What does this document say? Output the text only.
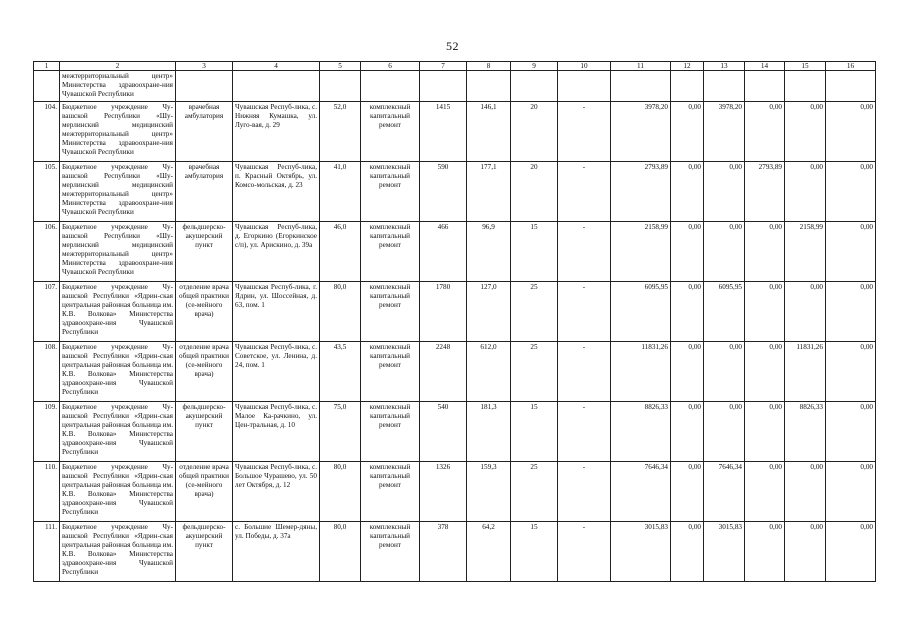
52
1	2	3	4	5	6	7	8	9	10	11	12	13	14	15	16
	межтерриториальный центр» Министерства здравоохране-ния Чувашской Республики														
104.	Бюджетное учреждение Чу-вашской Республики «Шу-мерлинский медицинский межтерриториальный центр» Министерства здравоохране-ния Чувашской Республики	врачебная амбулатория	Чувашская Респуб-лика, с. Нижняя Кумашка, ул. Луго-вая, д. 29	52,0	комплексный капитальный ремонт	1415	146,1	20	-	3978,20	0,00	3978,20	0,00	0,00	0,00
105.	Бюджетное учреждение Чу-вашской Республики «Шу-мерлинский медицинский межтерриториальный центр» Министерства здравоохране-ния Чувашской Республики	врачебная амбулатория	Чувашская Респуб-лика, п. Красный Октябрь, ул. Комсо-мольская, д. 23	41,0	комплексный капитальный ремонт	590	177,1	20	-	2793,89	0,00	0,00	2793,89	0,00	0,00
106.	Бюджетное учреждение Чу-вашской Республики «Шу-мерлинский медицинский межтерриториальный центр» Министерства здравоохране-ния Чувашской Республики	фельдшерско-акушерский пункт	Чувашская Респуб-лика, д. Егоркино (Егоркинское с/п), ул. Арискино, д. 39а	46,0	комплексный капитальный ремонт	466	96,9	15	-	2158,99	0,00	0,00	0,00	2158,99	0,00
107.	Бюджетное учреждение Чу-вашской Республики «Ядрин-ская центральная районная больница им. К.В. Волкова» Министерства здравоохране-ния Чувашской Республики	отделение врача общей практики (се-мейного врача)	Чувашская Респуб-лика, г. Ядрин, ул. Шоссейная, д. 63, пом. 1	80,0	комплексный капитальный ремонт	1780	127,0	25	-	6095,95	0,00	6095,95	0,00	0,00	0,00
108.	Бюджетное учреждение Чу-вашской Республики «Ядрин-ская центральная районная больница им. К.В. Волкова» Министерства здравоохране-ния Чувашской Республики	отделение врача общей практики (се-мейного врача)	Чувашская Респуб-лика, с. Советское, ул. Ленина, д. 24, пом. 1	43,5	комплексный капитальный ремонт	2248	612,0	25	-	11831,26	0,00	0,00	0,00	11831,26	0,00
109.	Бюджетное учреждение Чу-вашской Республики «Ядрин-ская центральная районная больница им. К.В. Волкова» Министерства здравоохране-ния Чувашской Республики	фельдшерско-акушерский пункт	Чувашская Респуб-лика, с. Малое Ка-рачкино, ул. Цен-тральная, д. 10	75,0	комплексный капитальный ремонт	540	181,3	15	-	8826,33	0,00	0,00	0,00	8826,33	0,00
110.	Бюджетное учреждение Чу-вашской Республики «Ядрин-ская центральная районная больница им. К.В. Волкова» Министерства здравоохране-ния Чувашской Республики	отделение врача общей практики (се-мейного врача)	Чувашская Респуб-лика, с. Большое Чурашево, ул. 50 лет Октября, д. 12	80,0	комплексный капитальный ремонт	1326	159,3	25	-	7646,34	0,00	7646,34	0,00	0,00	0,00
111.	Бюджетное учреждение Чу-вашской Республики «Ядрин-ская центральная районная больница им. К.В. Волкова» Министерства здравоохране-ния Чувашской Республики	фельдшерско-акушерский пункт	с. Большие Шемер-дяны, ул. Победы, д. 37а	80,0	комплексный капитальный ремонт	378	64,2	15	-	3015,83	0,00	3015,83	0,00	0,00	0,00
